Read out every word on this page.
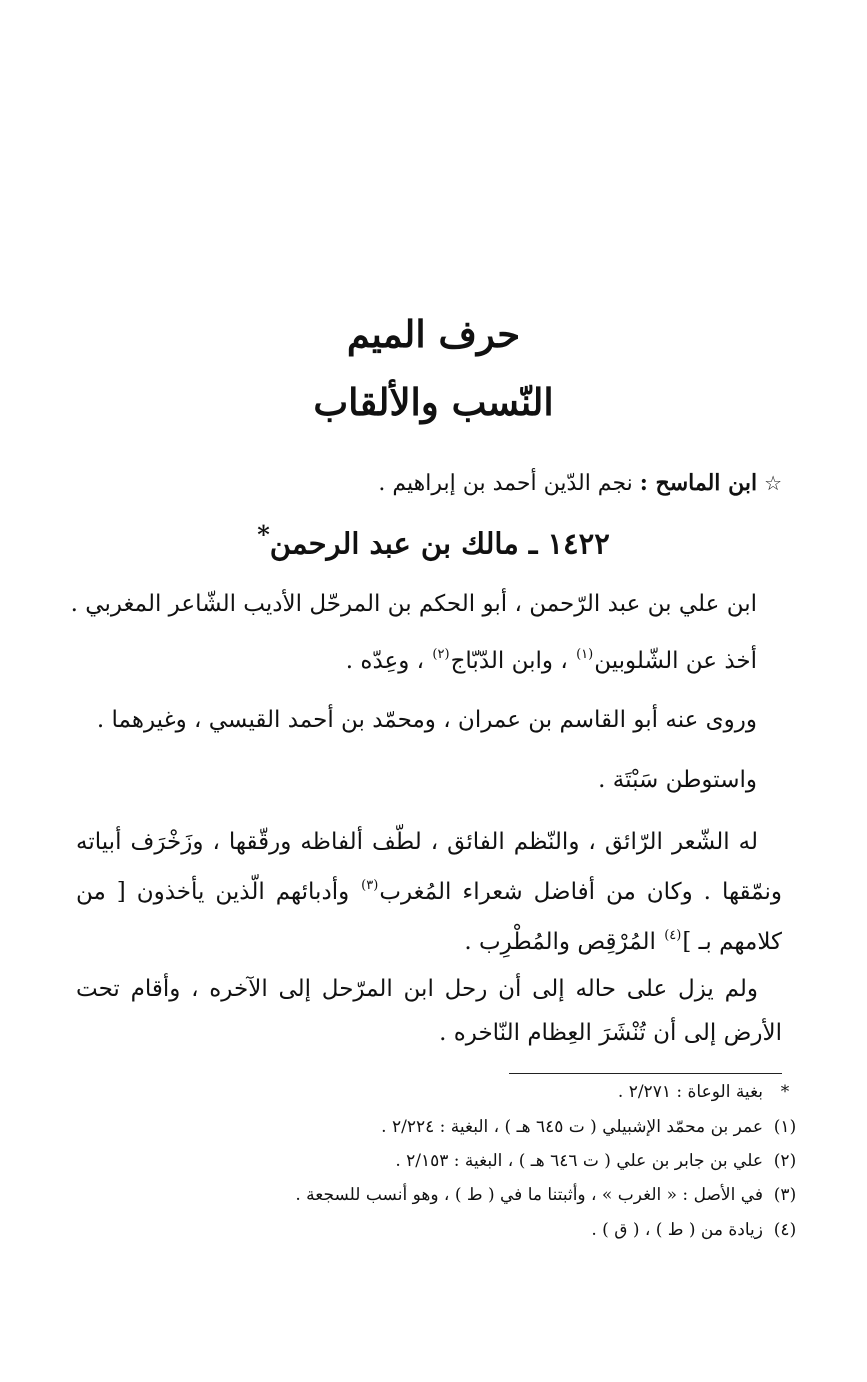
حرف الميم
النّسب والألقاب
☆ ابن الماسح : نجم الدّين أحمد بن إبراهيم .
١٤٢٢ ـ مالك بن عبد الرحمن*
ابن علي بن عبد الرّحمن ، أبو الحكم بن المرحّل الأديب الشّاعر المغربي .
أخذ عن الشّلوبين$^{(١)}$ ، وابن الدّبّاج$^{(٢)}$ ، وعِدّه .
وروى عنه أبو القاسم بن عمران ، ومحمّد بن أحمد القيسي ، وغيرهما .
واستوطن سَبْتَة .
له الشّعر الرّائق ، والنّظم الفائق ، لطّف ألفاظه ورقّقها ، وزَخْرَف أبياته ونمّقها . وكان من أفاضل شعراء المُغرب$^{(٣)}$ وأدبائهم الّذين يأخذون [ من كلامهم بـ ]$^{(٤)}$ المُرْقِص والمُطْرِب .
ولم يزل على حاله إلى أن رحل ابن المرّحل إلى الآخره ، وأقام تحت الأرض إلى أن تُنْشَرَ العِظام النّاخره .
*بغية الوعاة : ٢/٢٧١ .
(١)عمر بن محمّد الإشبيلي ( ت ٦٤٥ هـ ) ، البغية : ٢/٢٢٤ .
(٢)علي بن جابر بن علي ( ت ٦٤٦ هـ ) ، البغية : ٢/١٥٣ .
(٣)في الأصل : « الغرب » ، وأثبتنا ما في ( ط ) ، وهو أنسب للسجعة .
(٤)زيادة من ( ط ) ، ( ق ) .
